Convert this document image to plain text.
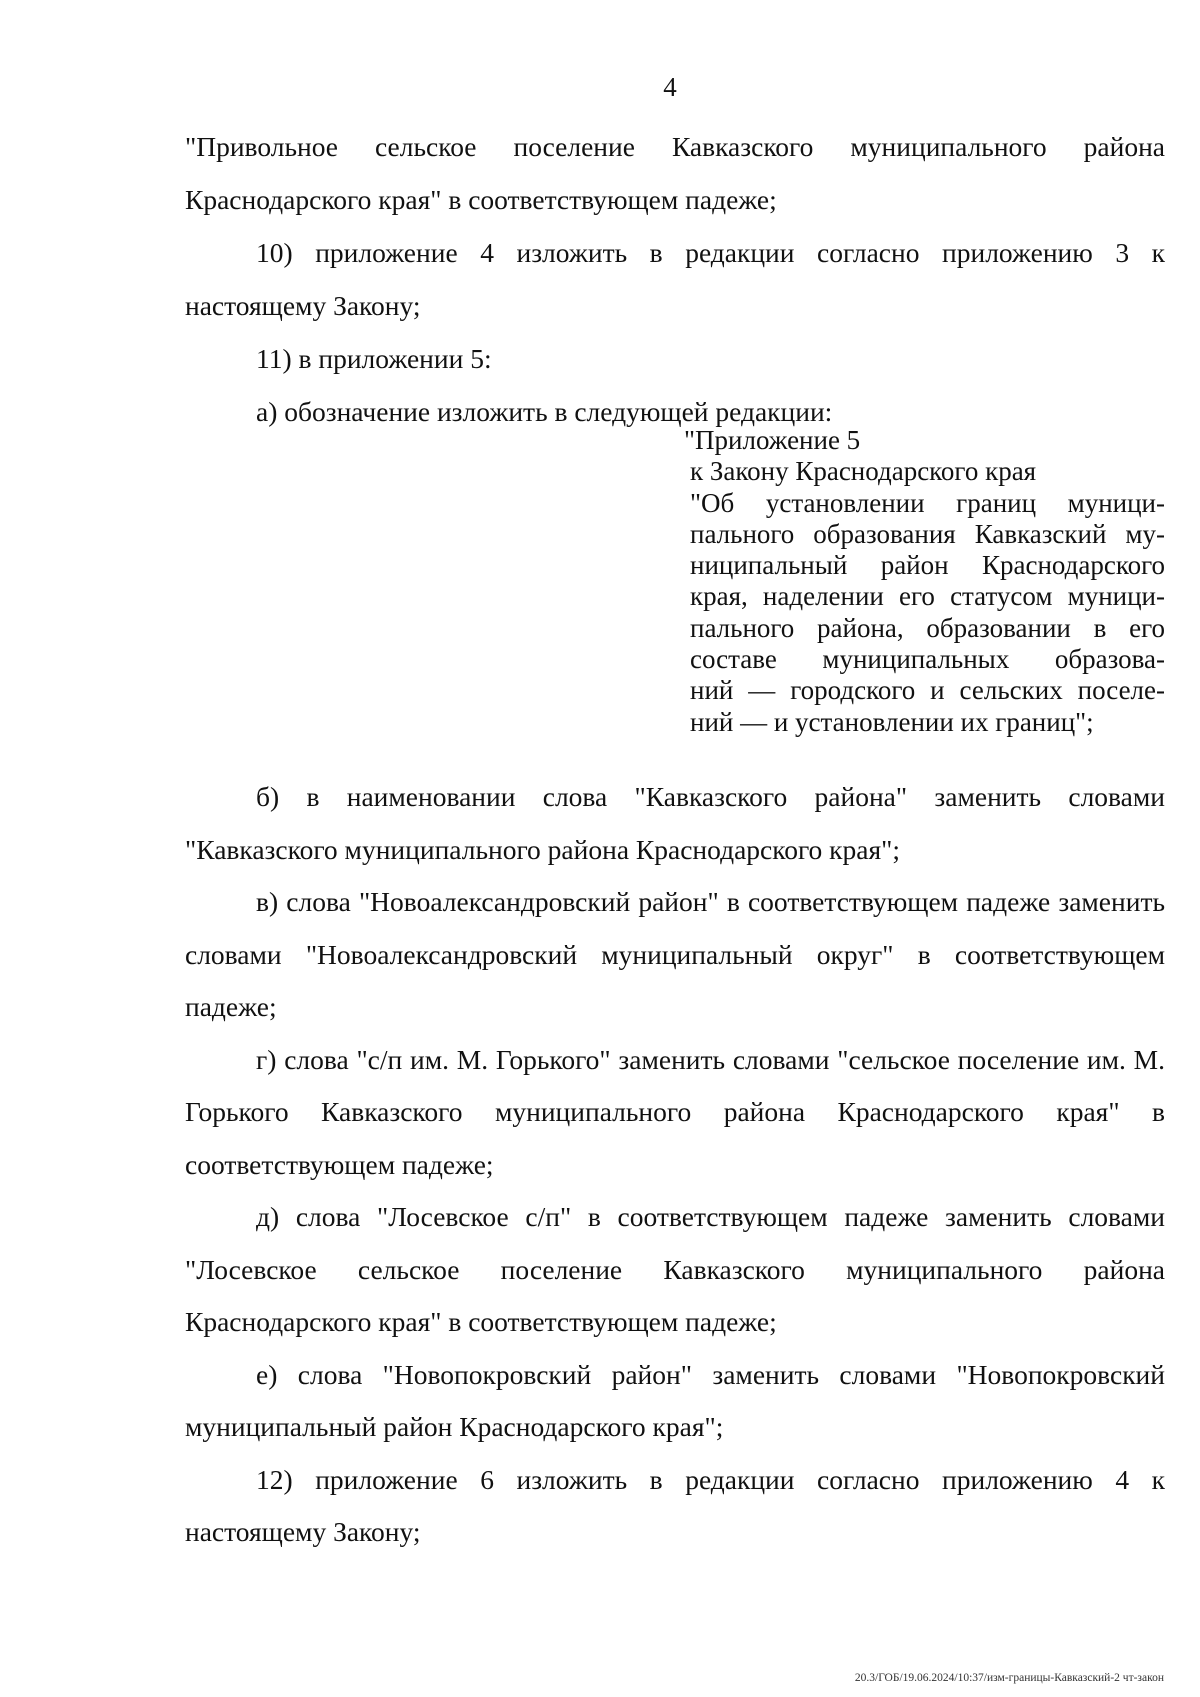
4

"Привольное сельское поселение Кавказского муниципального района Краснодарского края" в соответствующем падеже;

10) приложение 4 изложить в редакции согласно приложению 3 к настоящему Закону;

11) в приложении 5:

а) обозначение изложить в следующей редакции:

"Приложение 5
к Закону Краснодарского края
"Об установлении границ муници-
пального образования Кавказский му-
ниципальный район Краснодарского
края, наделении его статусом муници-
пального района, образовании в его
составе муниципальных образова-
ний — городского и сельских поселе-
ний — и установлении их границ";

б) в наименовании слова "Кавказского района" заменить словами "Кавказского муниципального района Краснодарского края";

в) слова "Новоалександровский район" в соответствующем падеже заменить словами "Новоалександровский муниципальный округ" в соответствующем падеже;

г) слова "с/п им. М. Горького" заменить словами "сельское поселение им. М. Горького Кавказского муниципального района Краснодарского края" в соответствующем падеже;

д) слова "Лосевское с/п" в соответствующем падеже заменить словами "Лосевское сельское поселение Кавказского муниципального района Краснодарского края" в соответствующем падеже;

е) слова "Новопокровский район" заменить словами "Новопокровский муниципальный район Краснодарского края";

12) приложение 6 изложить в редакции согласно приложению 4 к настоящему Закону;

20.3/ГОБ/19.06.2024/10:37/изм-границы-Кавказский-2 чт-закон
